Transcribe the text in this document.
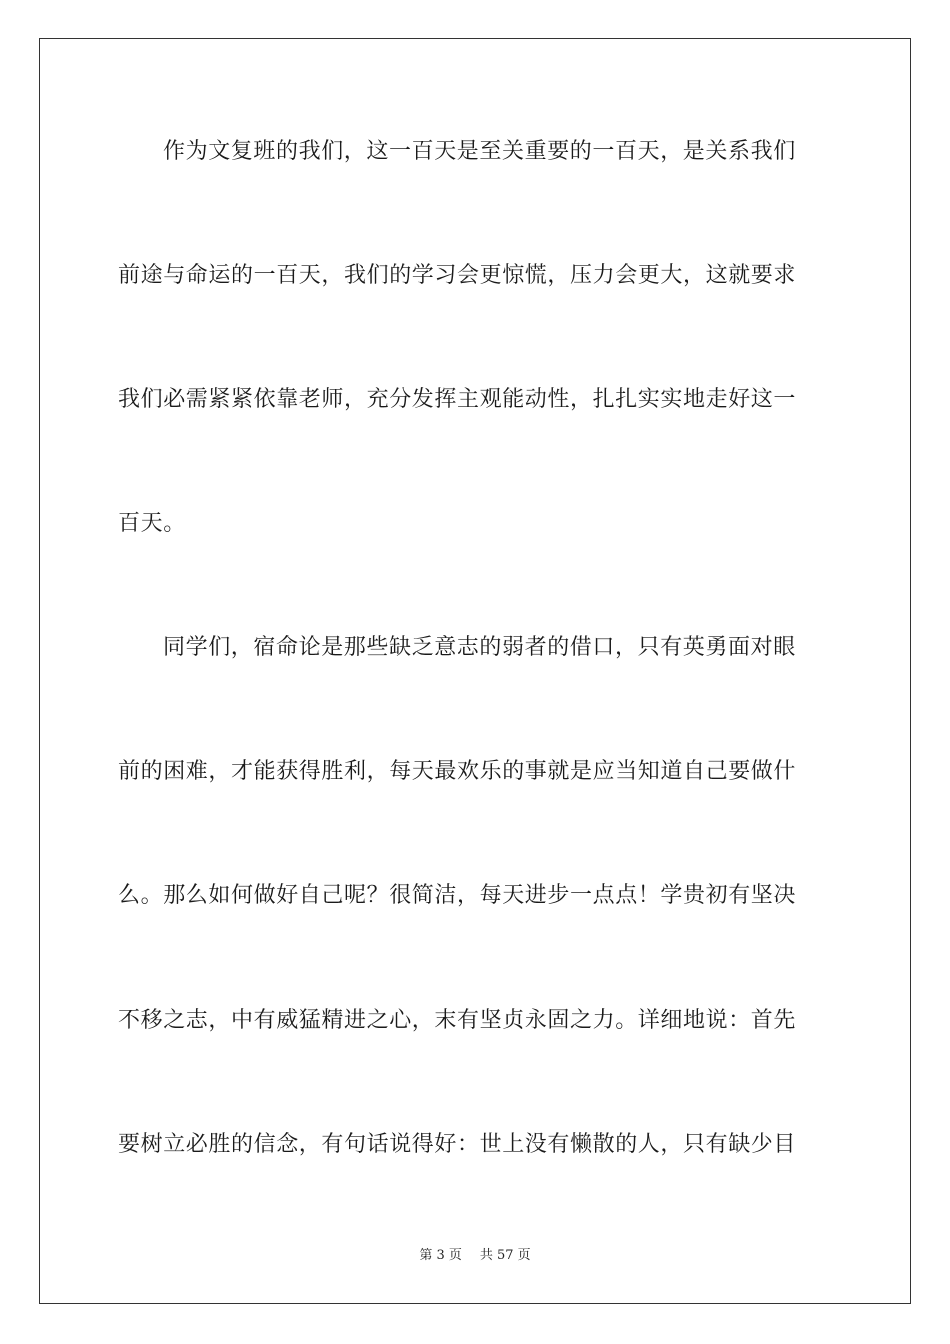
作为文复班的我们，这一百天是至关重要的一百天，是关系我们
前途与命运的一百天，我们的学习会更惊慌，压力会更大，这就要求
我们必需紧紧依靠老师，充分发挥主观能动性，扎扎实实地走好这一
百天。
同学们，宿命论是那些缺乏意志的弱者的借口，只有英勇面对眼
前的困难，才能获得胜利，每天最欢乐的事就是应当知道自己要做什
么。那么如何做好自己呢？很简洁，每天进步一点点！学贵初有坚决
不移之志，中有威猛精进之心，末有坚贞永固之力。详细地说：首先
要树立必胜的信念，有句话说得好：世上没有懒散的人，只有缺少目
第 3 页 共 57 页
